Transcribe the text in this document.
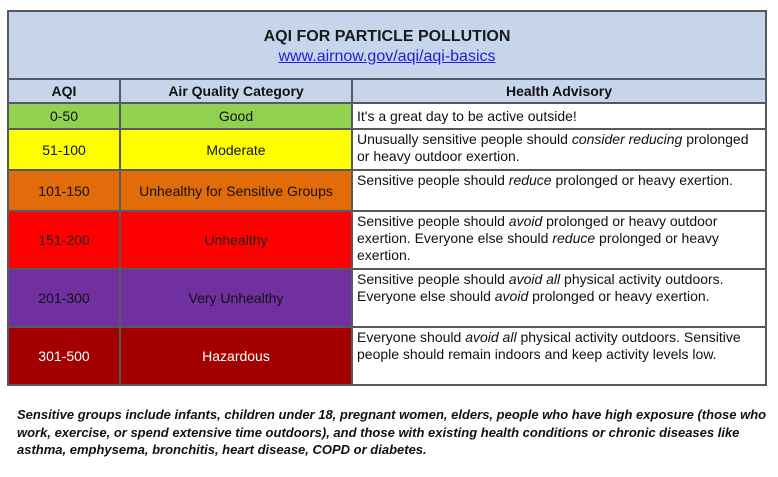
AQI FOR PARTICLE POLLUTION
www.airnow.gov/aqi/aqi-basics		
AQI	Air Quality Category	Health Advisory
0-50	Good	It's a great day to be active outside!
51-100	Moderate	Unusually sensitive people should consider reducing prolonged or heavy outdoor exertion.
101-150	Unhealthy for Sensitive Groups	Sensitive people should reduce prolonged or heavy exertion.
151-200	Unhealthy	Sensitive people should avoid prolonged or heavy outdoor exertion. Everyone else should reduce prolonged or heavy exertion.
201-300	Very Unhealthy	Sensitive people should avoid all physical activity outdoors. Everyone else should avoid prolonged or heavy exertion.
301-500	Hazardous	Everyone should avoid all physical activity outdoors. Sensitive people should remain indoors and keep activity levels low.
Sensitive groups include infants, children under 18, pregnant women, elders, people who have high exposure (those who work, exercise, or spend extensive time outdoors), and those with existing health conditions or chronic diseases like asthma, emphysema, bronchitis, heart disease, COPD or diabetes.
